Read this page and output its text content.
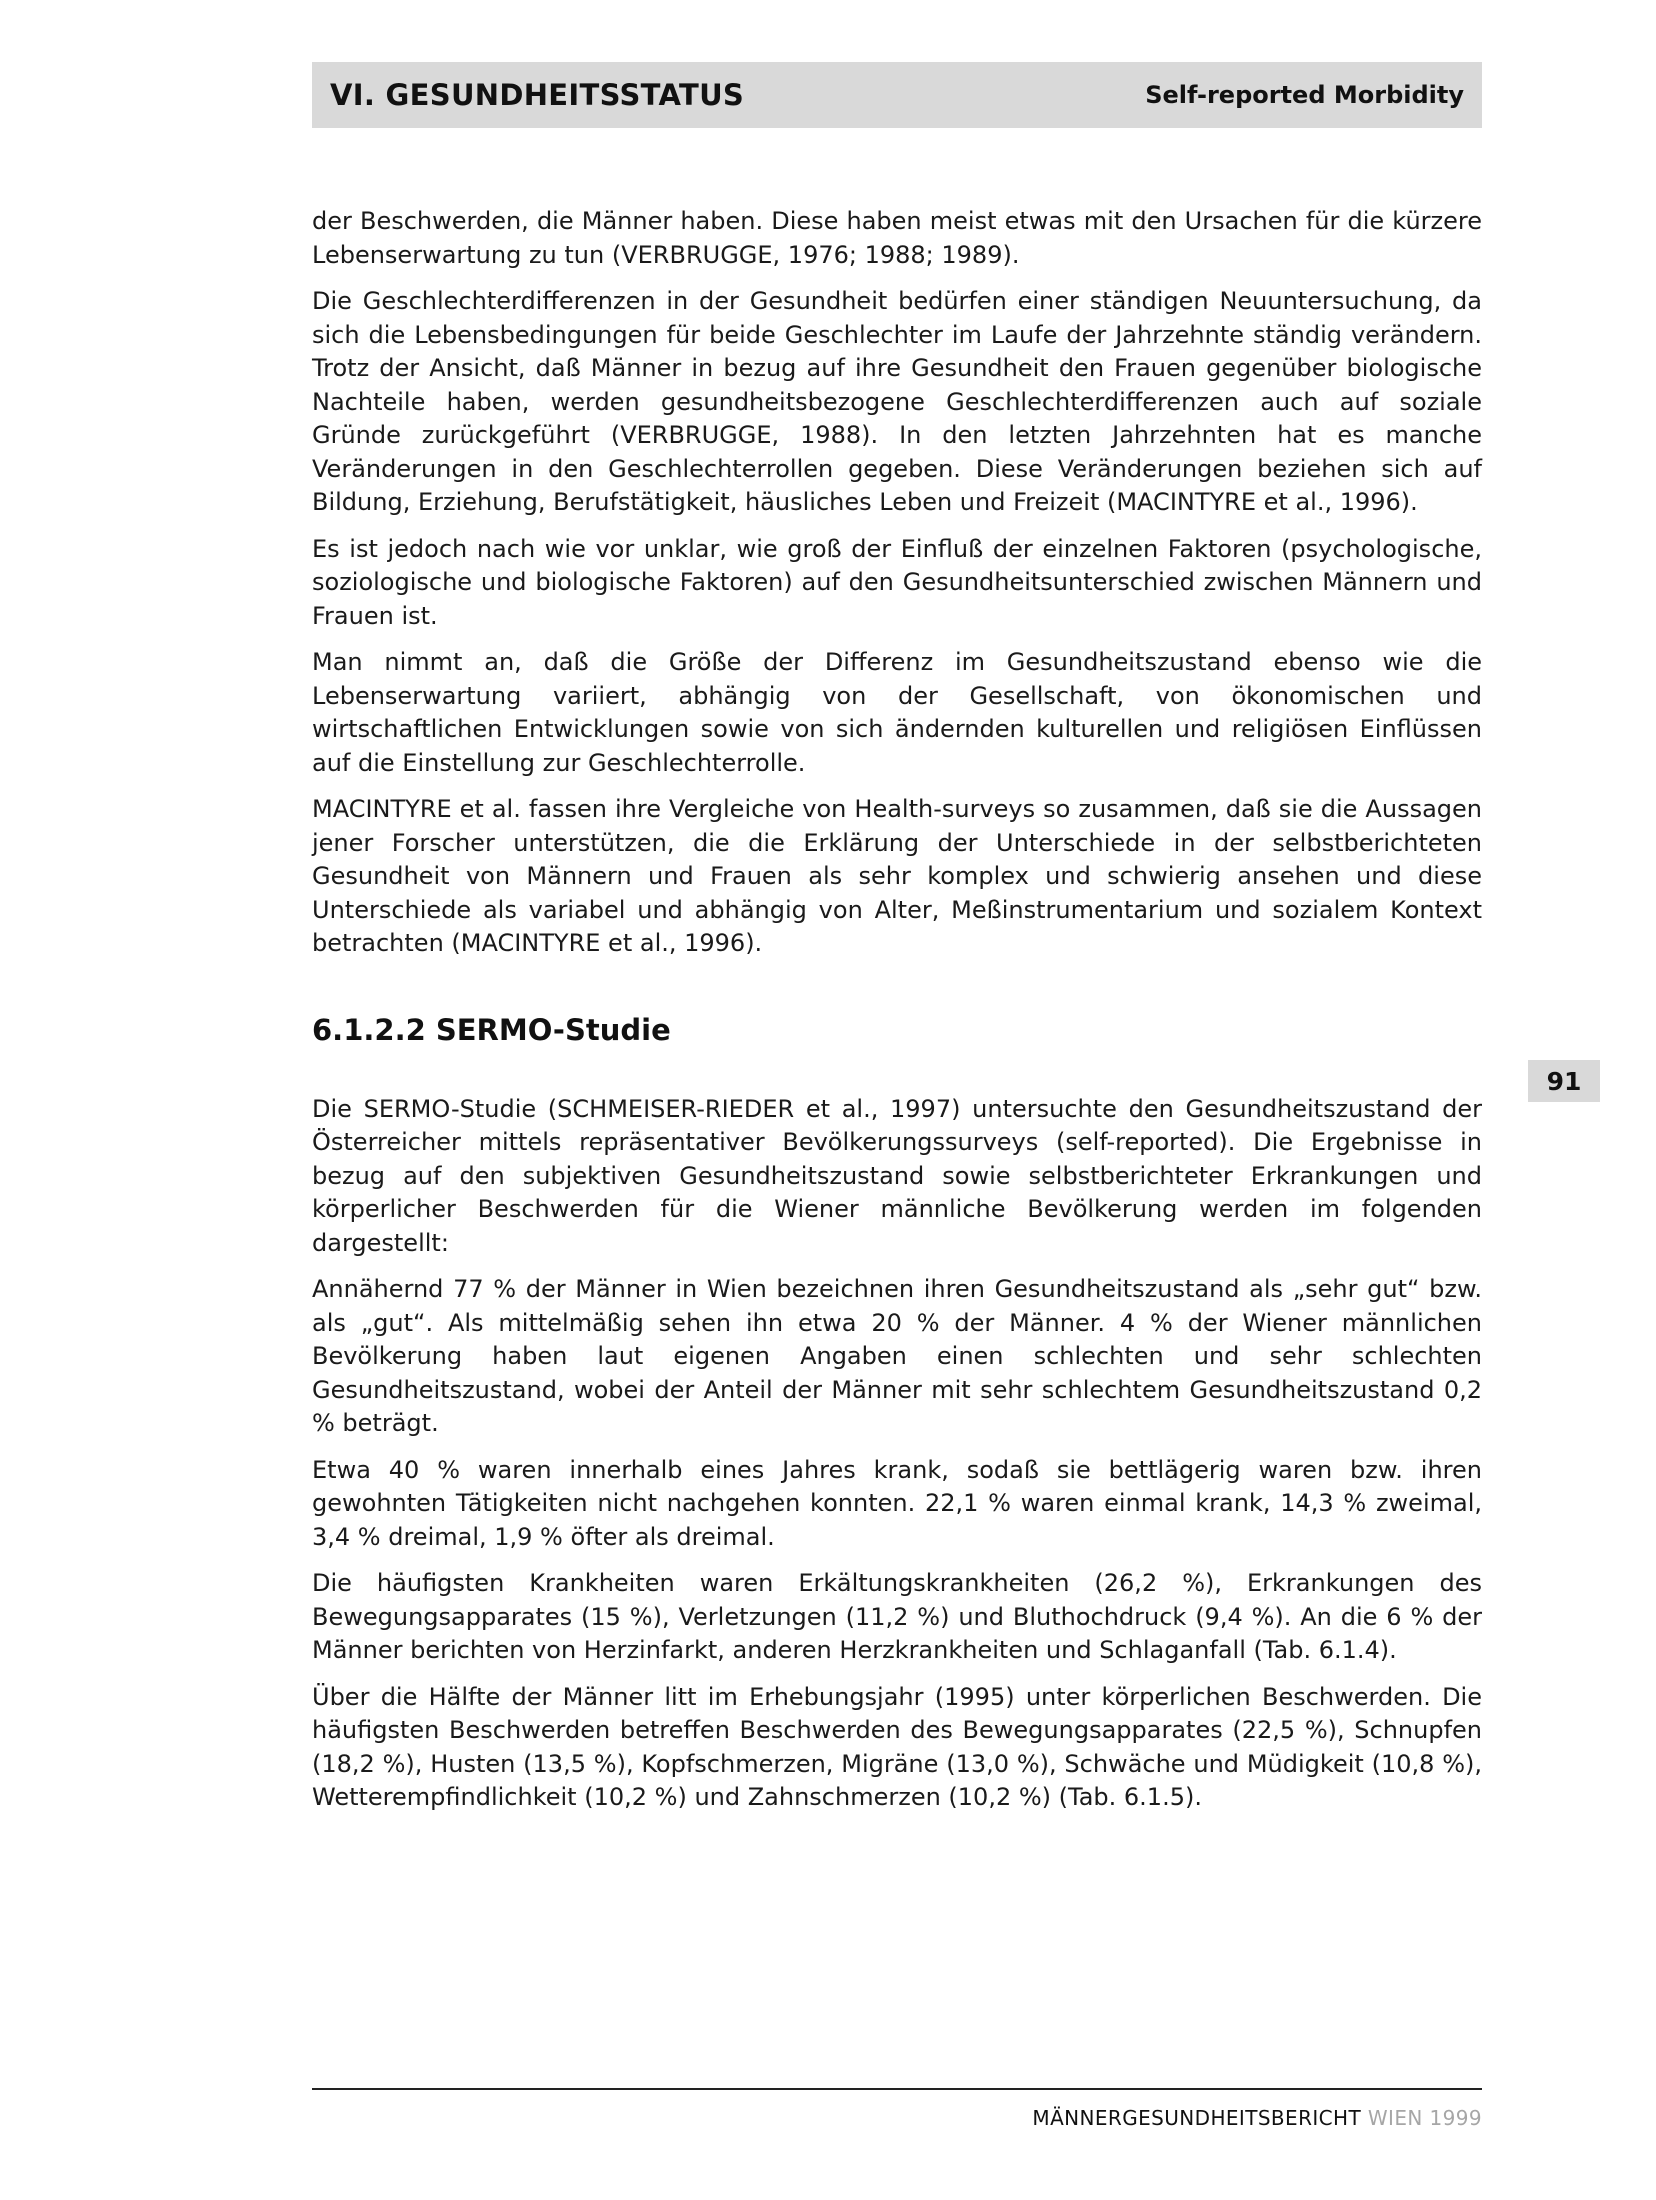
VI. GESUNDHEITSSTATUS	Self-reported Morbidity

der Beschwerden, die Männer haben. Diese haben meist etwas mit den Ursachen für die kürzere Lebenserwartung zu tun (VERBRUGGE, 1976; 1988; 1989).

Die Geschlechterdifferenzen in der Gesundheit bedürfen einer ständigen Neuuntersuchung, da sich die Lebensbedingungen für beide Geschlechter im Laufe der Jahrzehnte ständig verändern. Trotz der Ansicht, daß Männer in bezug auf ihre Gesundheit den Frauen gegenüber biologische Nachteile haben, werden gesundheitsbezogene Geschlechterdifferenzen auch auf soziale Gründe zurückgeführt (VERBRUGGE, 1988). In den letzten Jahrzehnten hat es manche Veränderungen in den Geschlechterrollen gegeben. Diese Veränderungen beziehen sich auf Bildung, Erziehung, Berufstätigkeit, häusliches Leben und Freizeit (MACINTYRE et al., 1996).

Es ist jedoch nach wie vor unklar, wie groß der Einfluß der einzelnen Faktoren (psychologische, soziologische und biologische Faktoren) auf den Gesundheitsunterschied zwischen Männern und Frauen ist.

Man nimmt an, daß die Größe der Differenz im Gesundheitszustand ebenso wie die Lebenserwartung variiert, abhängig von der Gesellschaft, von ökonomischen und wirtschaftlichen Entwicklungen sowie von sich ändernden kulturellen und religiösen Einflüssen auf die Einstellung zur Geschlechterrolle.

MACINTYRE et al. fassen ihre Vergleiche von Health-surveys so zusammen, daß sie die Aussagen jener Forscher unterstützen, die die Erklärung der Unterschiede in der selbstberichteten Gesundheit von Männern und Frauen als sehr komplex und schwierig ansehen und diese Unterschiede als variabel und abhängig von Alter, Meßinstrumentarium und sozialem Kontext betrachten (MACINTYRE et al., 1996).

6.1.2.2 SERMO-Studie

Die SERMO-Studie (SCHMEISER-RIEDER et al., 1997) untersuchte den Gesundheitszustand der Österreicher mittels repräsentativer Bevölkerungssurveys (self-reported). Die Ergebnisse in bezug auf den subjektiven Gesundheitszustand sowie selbstberichteter Erkrankungen und körperlicher Beschwerden für die Wiener männliche Bevölkerung werden im folgenden dargestellt:

Annähernd 77 % der Männer in Wien bezeichnen ihren Gesundheitszustand als „sehr gut“ bzw. als „gut“. Als mittelmäßig sehen ihn etwa 20 % der Männer. 4 % der Wiener männlichen Bevölkerung haben laut eigenen Angaben einen schlechten und sehr schlechten Gesundheitszustand, wobei der Anteil der Männer mit sehr schlechtem Gesundheitszustand 0,2 % beträgt.

Etwa 40 % waren innerhalb eines Jahres krank, sodaß sie bettlägerig waren bzw. ihren gewohnten Tätigkeiten nicht nachgehen konnten. 22,1 % waren einmal krank, 14,3 % zweimal, 3,4 % dreimal, 1,9 % öfter als dreimal.

Die häufigsten Krankheiten waren Erkältungskrankheiten (26,2 %), Erkrankungen des Bewegungsapparates (15 %), Verletzungen (11,2 %) und Bluthochdruck (9,4 %). An die 6 % der Männer berichten von Herzinfarkt, anderen Herzkrankheiten und Schlaganfall (Tab. 6.1.4).

Über die Hälfte der Männer litt im Erhebungsjahr (1995) unter körperlichen Beschwerden. Die häufigsten Beschwerden betreffen Beschwerden des Bewegungsapparates (22,5 %), Schnupfen (18,2 %), Husten (13,5 %), Kopfschmerzen, Migräne (13,0 %), Schwäche und Müdigkeit (10,8 %), Wetterempfindlichkeit (10,2 %) und Zahnschmerzen (10,2 %) (Tab. 6.1.5).

91
MÄNNERGESUNDHEITSBERICHT WIEN 1999
